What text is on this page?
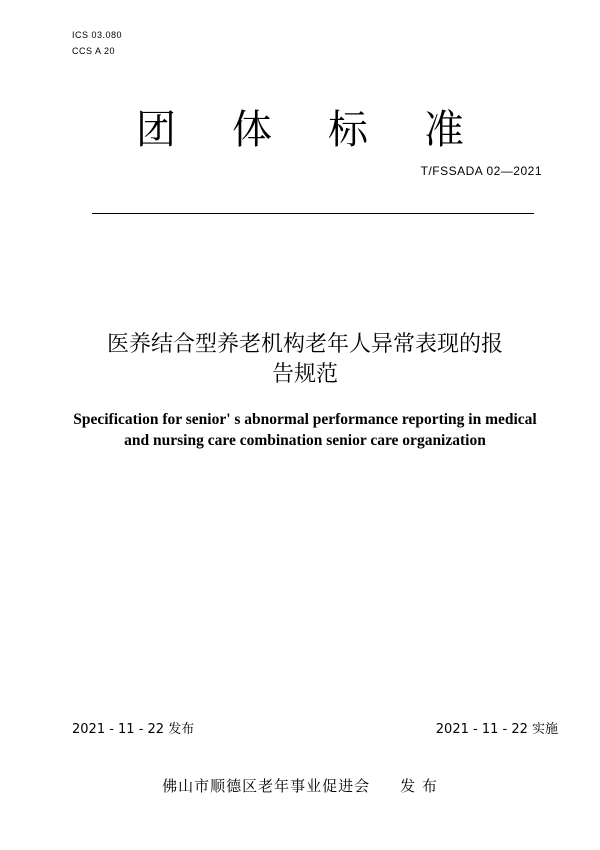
ICS 03.080
CCS A 20
团 体 标 准
T/FSSADA 02—2021
医养结合型养老机构老年人异常表现的报
告规范
Specification for senior' s abnormal performance reporting in medical
and nursing care combination senior care organization
2021 - 11 - 22 发布	2021 - 11 - 22 实施
佛山市顺德区老年事业促进会 发 布
